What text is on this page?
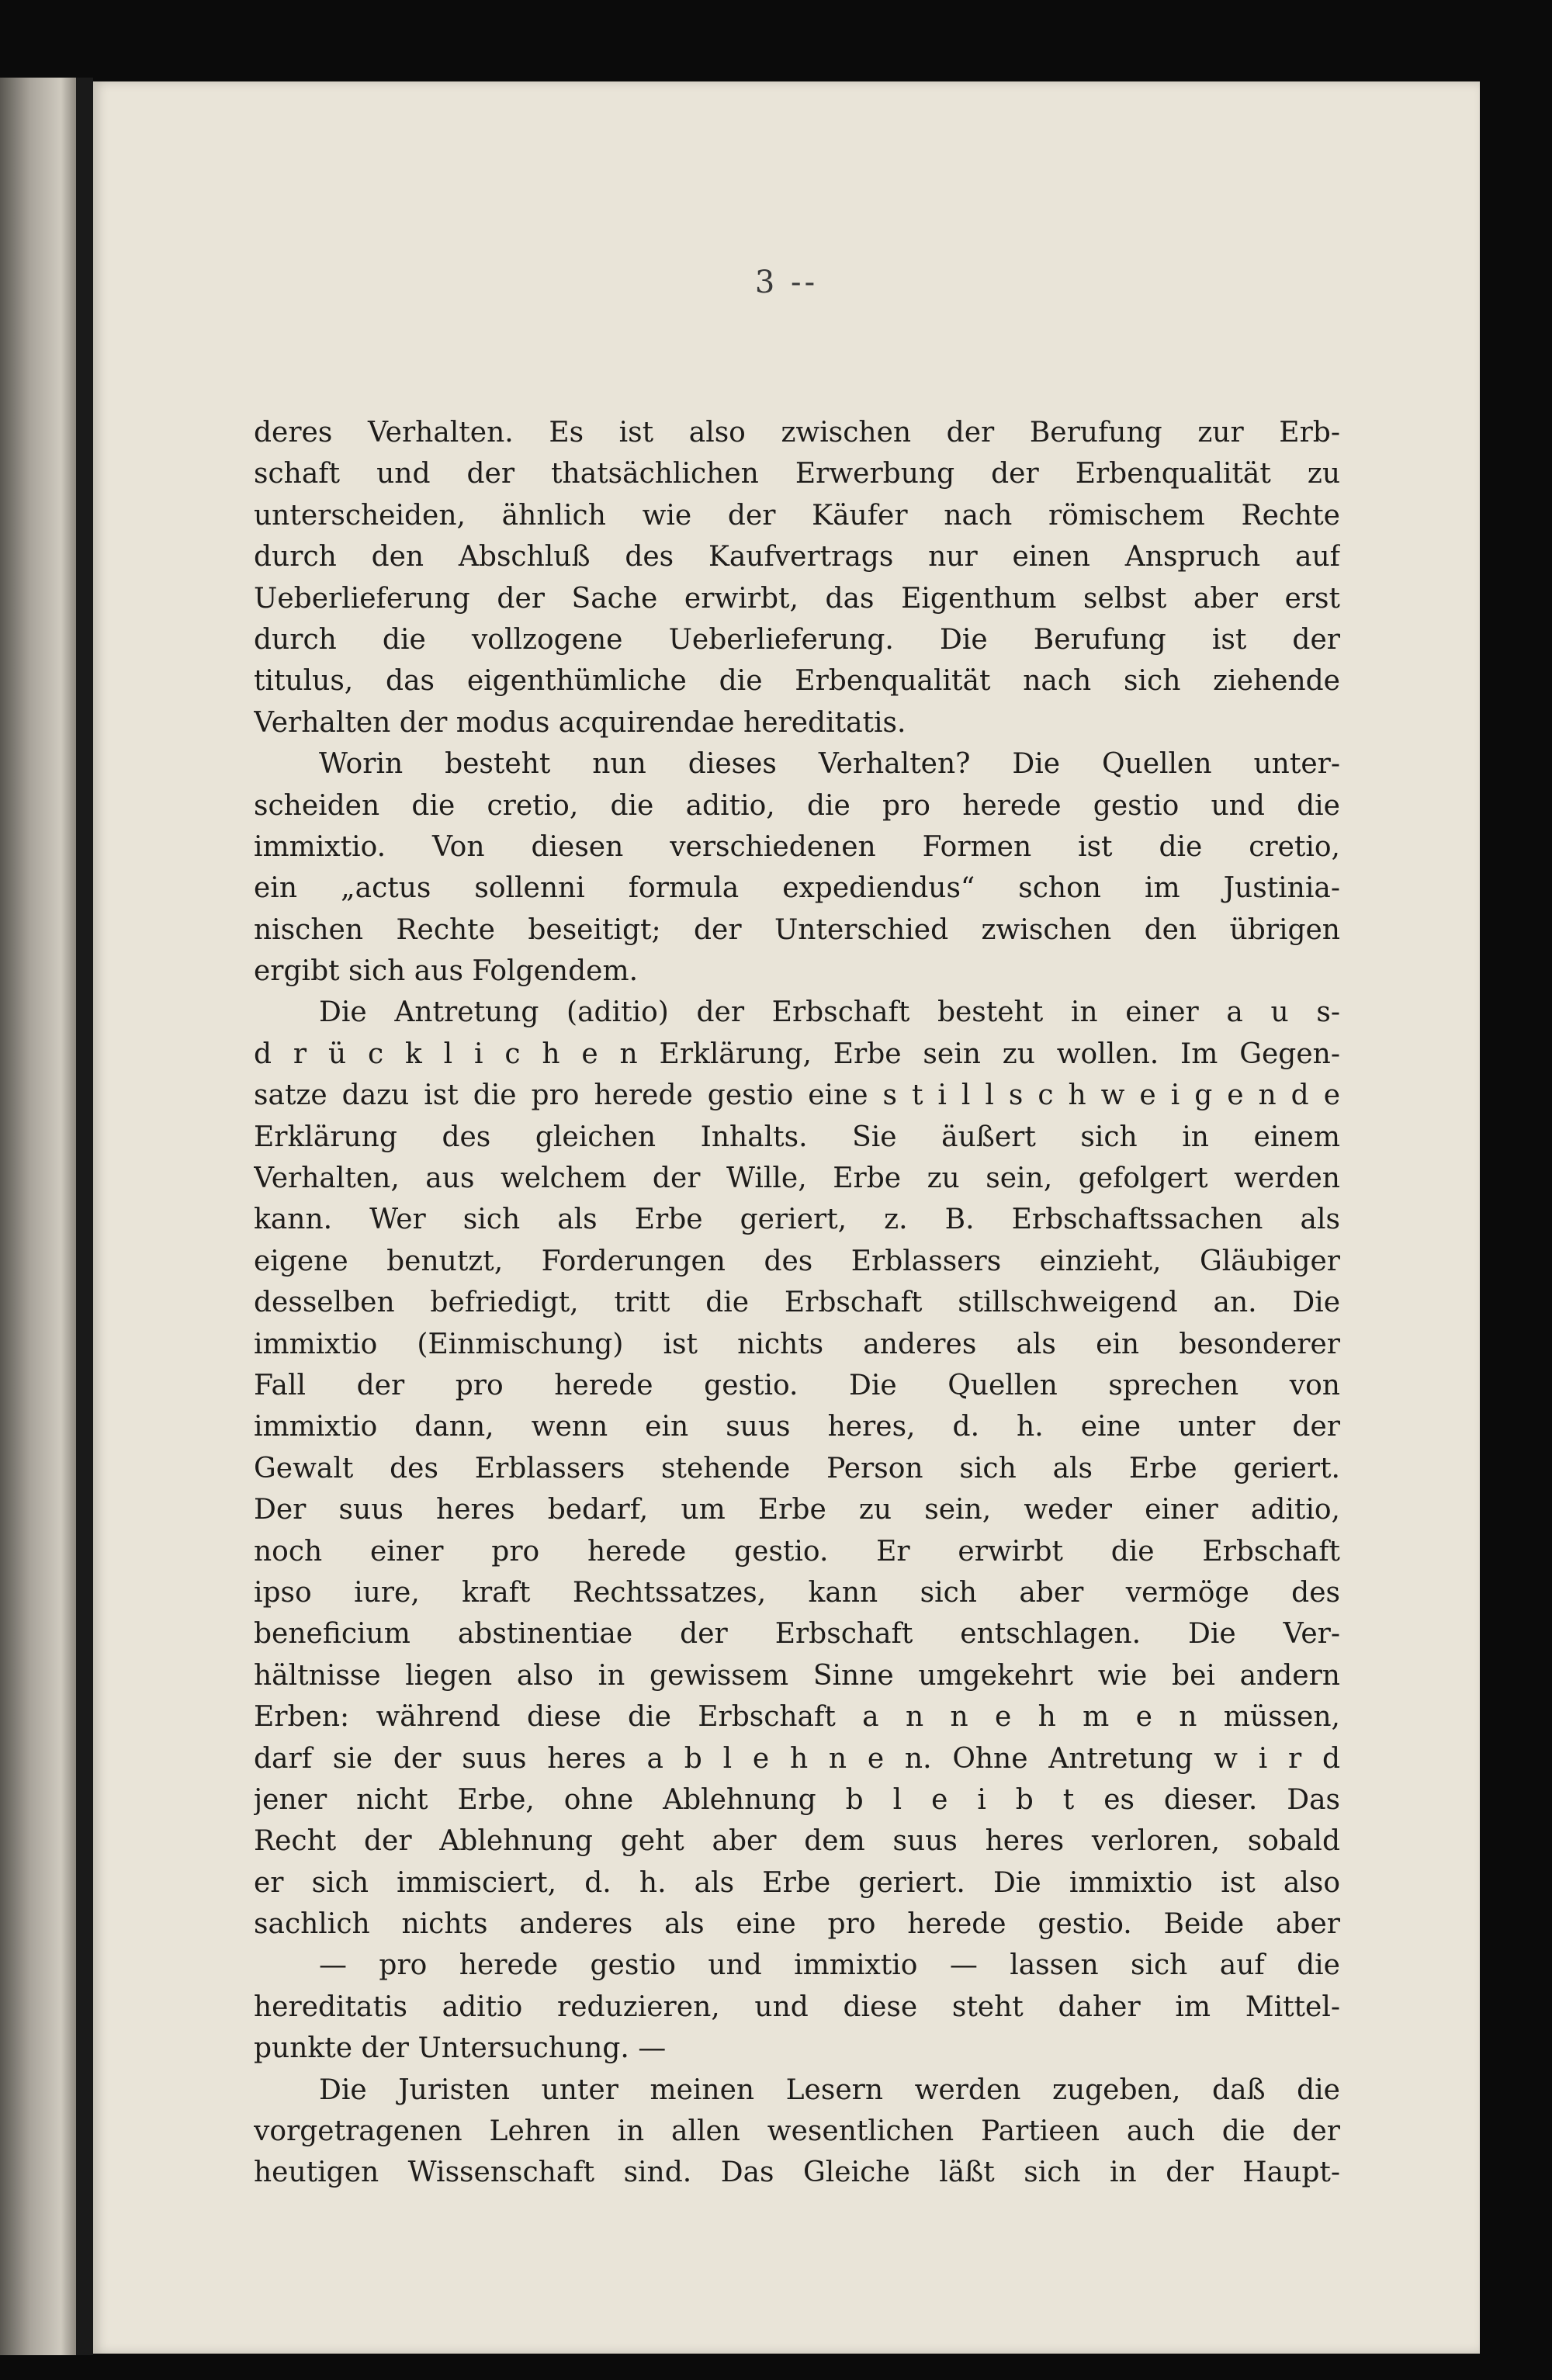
3 --
deres Verhalten. Es ist also zwischen der Berufung zur Erb-
schaft und der thatsächlichen Erwerbung der Erbenqualität zu
unterscheiden, ähnlich wie der Käufer nach römischem Rechte
durch den Abschluß des Kaufvertrags nur einen Anspruch auf
Ueberlieferung der Sache erwirbt, das Eigenthum selbst aber erst
durch die vollzogene Ueberlieferung. Die Berufung ist der
titulus, das eigenthümliche die Erbenqualität nach sich ziehende
Verhalten der modus acquirendae hereditatis.
Worin besteht nun dieses Verhalten? Die Quellen unter-
scheiden die cretio, die aditio, die pro herede gestio und die
immixtio. Von diesen verschiedenen Formen ist die cretio,
ein „actus sollenni formula expediendus“ schon im Justinia-
nischen Rechte beseitigt; der Unterschied zwischen den übrigen
ergibt sich aus Folgendem.
Die Antretung (aditio) der Erbschaft besteht in einer a u s-
d r ü c k l i c h e n Erklärung, Erbe sein zu wollen. Im Gegen-
satze dazu ist die pro herede gestio eine s t i l l s c h w e i g e n d e
Erklärung des gleichen Inhalts. Sie äußert sich in einem
Verhalten, aus welchem der Wille, Erbe zu sein, gefolgert werden
kann. Wer sich als Erbe geriert, z. B. Erbschaftssachen als
eigene benutzt, Forderungen des Erblassers einzieht, Gläubiger
desselben befriedigt, tritt die Erbschaft stillschweigend an. Die
immixtio (Einmischung) ist nichts anderes als ein besonderer
Fall der pro herede gestio. Die Quellen sprechen von
immixtio dann, wenn ein suus heres, d. h. eine unter der
Gewalt des Erblassers stehende Person sich als Erbe geriert.
Der suus heres bedarf, um Erbe zu sein, weder einer aditio,
noch einer pro herede gestio. Er erwirbt die Erbschaft
ipso iure, kraft Rechtssatzes, kann sich aber vermöge des
beneficium abstinentiae der Erbschaft entschlagen. Die Ver-
hältnisse liegen also in gewissem Sinne umgekehrt wie bei andern
Erben: während diese die Erbschaft a n n e h m e n müssen,
darf sie der suus heres a b l e h n e n. Ohne Antretung w i r d
jener nicht Erbe, ohne Ablehnung b l e i b t es dieser. Das
Recht der Ablehnung geht aber dem suus heres verloren, sobald
er sich immisciert, d. h. als Erbe geriert. Die immixtio ist also
sachlich nichts anderes als eine pro herede gestio. Beide aber
— pro herede gestio und immixtio — lassen sich auf die
hereditatis aditio reduzieren, und diese steht daher im Mittel-
punkte der Untersuchung. —
Die Juristen unter meinen Lesern werden zugeben, daß die
vorgetragenen Lehren in allen wesentlichen Partieen auch die der
heutigen Wissenschaft sind. Das Gleiche läßt sich in der Haupt-
